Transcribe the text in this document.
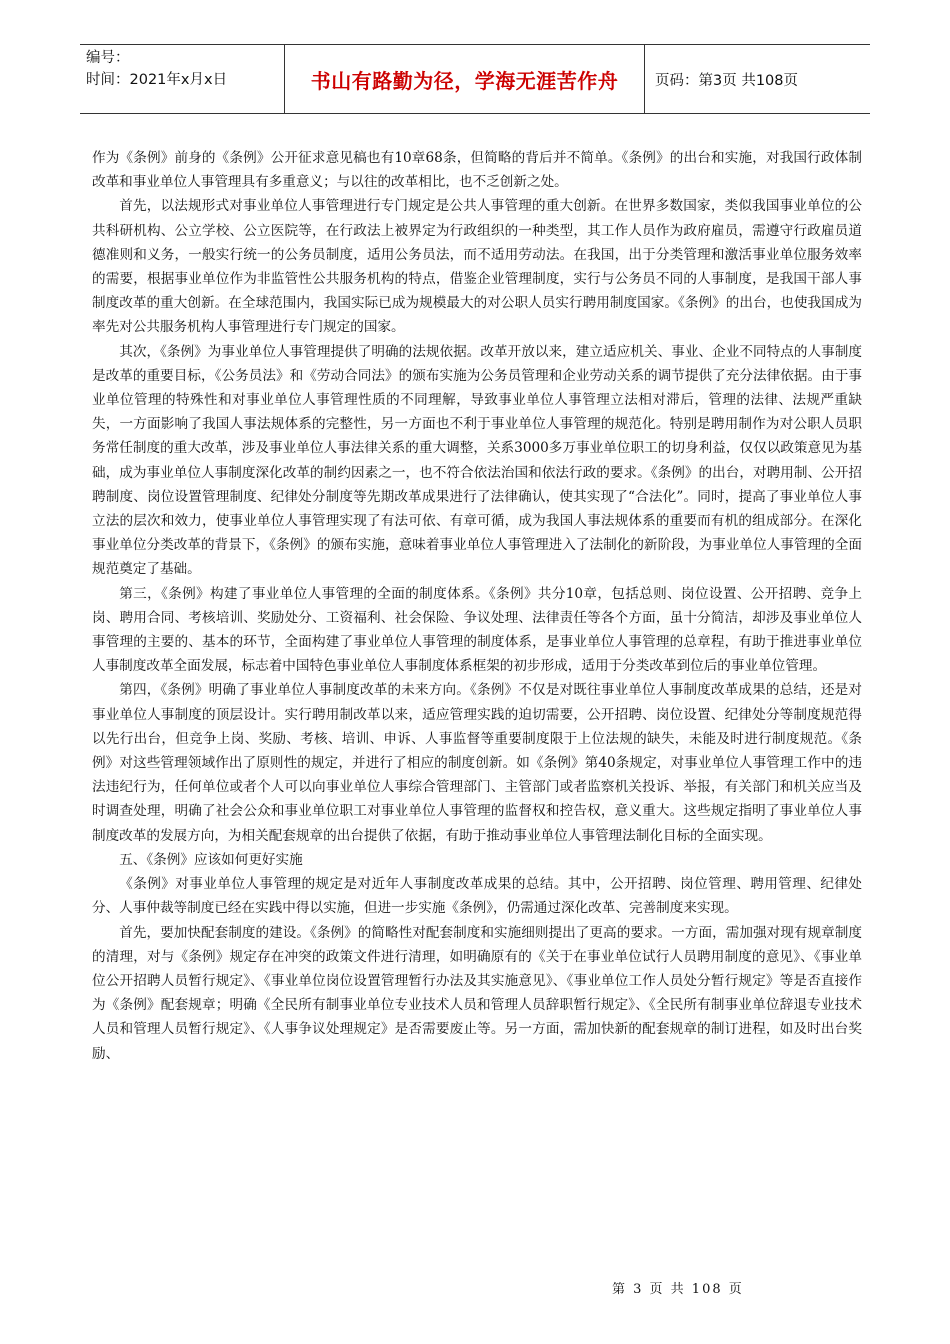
编号：
时间：2021年x月x日	书山有路勤为径，学海无涯苦作舟	页码：第3页 共108页

作为《条例》前身的《条例》公开征求意见稿也有10章68条，但简略的背后并不简单。《条例》的出台和实施，对我国行政体制改革和事业单位人事管理具有多重意义；与以往的改革相比，也不乏创新之处。

首先，以法规形式对事业单位人事管理进行专门规定是公共人事管理的重大创新。在世界多数国家，类似我国事业单位的公共科研机构、公立学校、公立医院等，在行政法上被界定为行政组织的一种类型，其工作人员作为政府雇员，需遵守行政雇员道德准则和义务，一般实行统一的公务员制度，适用公务员法，而不适用劳动法。在我国，出于分类管理和激活事业单位服务效率的需要，根据事业单位作为非监管性公共服务机构的特点，借鉴企业管理制度，实行与公务员不同的人事制度，是我国干部人事制度改革的重大创新。在全球范围内，我国实际已成为规模最大的对公职人员实行聘用制度国家。《条例》的出台，也使我国成为率先对公共服务机构人事管理进行专门规定的国家。

其次，《条例》为事业单位人事管理提供了明确的法规依据。改革开放以来，建立适应机关、事业、企业不同特点的人事制度是改革的重要目标，《公务员法》和《劳动合同法》的颁布实施为公务员管理和企业劳动关系的调节提供了充分法律依据。由于事业单位管理的特殊性和对事业单位人事管理性质的不同理解，导致事业单位人事管理立法相对滞后，管理的法律、法规严重缺失，一方面影响了我国人事法规体系的完整性，另一方面也不利于事业单位人事管理的规范化。特别是聘用制作为对公职人员职务常任制度的重大改革，涉及事业单位人事法律关系的重大调整，关系3000多万事业单位职工的切身利益，仅仅以政策意见为基础，成为事业单位人事制度深化改革的制约因素之一，也不符合依法治国和依法行政的要求。《条例》的出台，对聘用制、公开招聘制度、岗位设置管理制度、纪律处分制度等先期改革成果进行了法律确认，使其实现了“合法化”。同时，提高了事业单位人事立法的层次和效力，使事业单位人事管理实现了有法可依、有章可循，成为我国人事法规体系的重要而有机的组成部分。在深化事业单位分类改革的背景下，《条例》的颁布实施，意味着事业单位人事管理进入了法制化的新阶段，为事业单位人事管理的全面规范奠定了基础。

第三，《条例》构建了事业单位人事管理的全面的制度体系。《条例》共分10章，包括总则、岗位设置、公开招聘、竞争上岗、聘用合同、考核培训、奖励处分、工资福利、社会保险、争议处理、法律责任等各个方面，虽十分简洁，却涉及事业单位人事管理的主要的、基本的环节，全面构建了事业单位人事管理的制度体系，是事业单位人事管理的总章程，有助于推进事业单位人事制度改革全面发展，标志着中国特色事业单位人事制度体系框架的初步形成，适用于分类改革到位后的事业单位管理。

第四，《条例》明确了事业单位人事制度改革的未来方向。《条例》不仅是对既往事业单位人事制度改革成果的总结，还是对事业单位人事制度的顶层设计。实行聘用制改革以来，适应管理实践的迫切需要，公开招聘、岗位设置、纪律处分等制度规范得以先行出台，但竞争上岗、奖励、考核、培训、申诉、人事监督等重要制度限于上位法规的缺失，未能及时进行制度规范。《条例》对这些管理领域作出了原则性的规定，并进行了相应的制度创新。如《条例》第40条规定，对事业单位人事管理工作中的违法违纪行为，任何单位或者个人可以向事业单位人事综合管理部门、主管部门或者监察机关投诉、举报，有关部门和机关应当及时调查处理，明确了社会公众和事业单位职工对事业单位人事管理的监督权和控告权，意义重大。这些规定指明了事业单位人事制度改革的发展方向，为相关配套规章的出台提供了依据，有助于推动事业单位人事管理法制化目标的全面实现。

五、《条例》应该如何更好实施

《条例》对事业单位人事管理的规定是对近年人事制度改革成果的总结。其中，公开招聘、岗位管理、聘用管理、纪律处分、人事仲裁等制度已经在实践中得以实施，但进一步实施《条例》，仍需通过深化改革、完善制度来实现。

首先，要加快配套制度的建设。《条例》的简略性对配套制度和实施细则提出了更高的要求。一方面，需加强对现有规章制度的清理，对与《条例》规定存在冲突的政策文件进行清理，如明确原有的《关于在事业单位试行人员聘用制度的意见》、《事业单位公开招聘人员暂行规定》、《事业单位岗位设置管理暂行办法及其实施意见》、《事业单位工作人员处分暂行规定》等是否直接作为《条例》配套规章；明确《全民所有制事业单位专业技术人员和管理人员辞职暂行规定》、《全民所有制事业单位辞退专业技术人员和管理人员暂行规定》、《人事争议处理规定》是否需要废止等。另一方面，需加快新的配套规章的制订进程，如及时出台奖励、

第 3 页 共 108 页
